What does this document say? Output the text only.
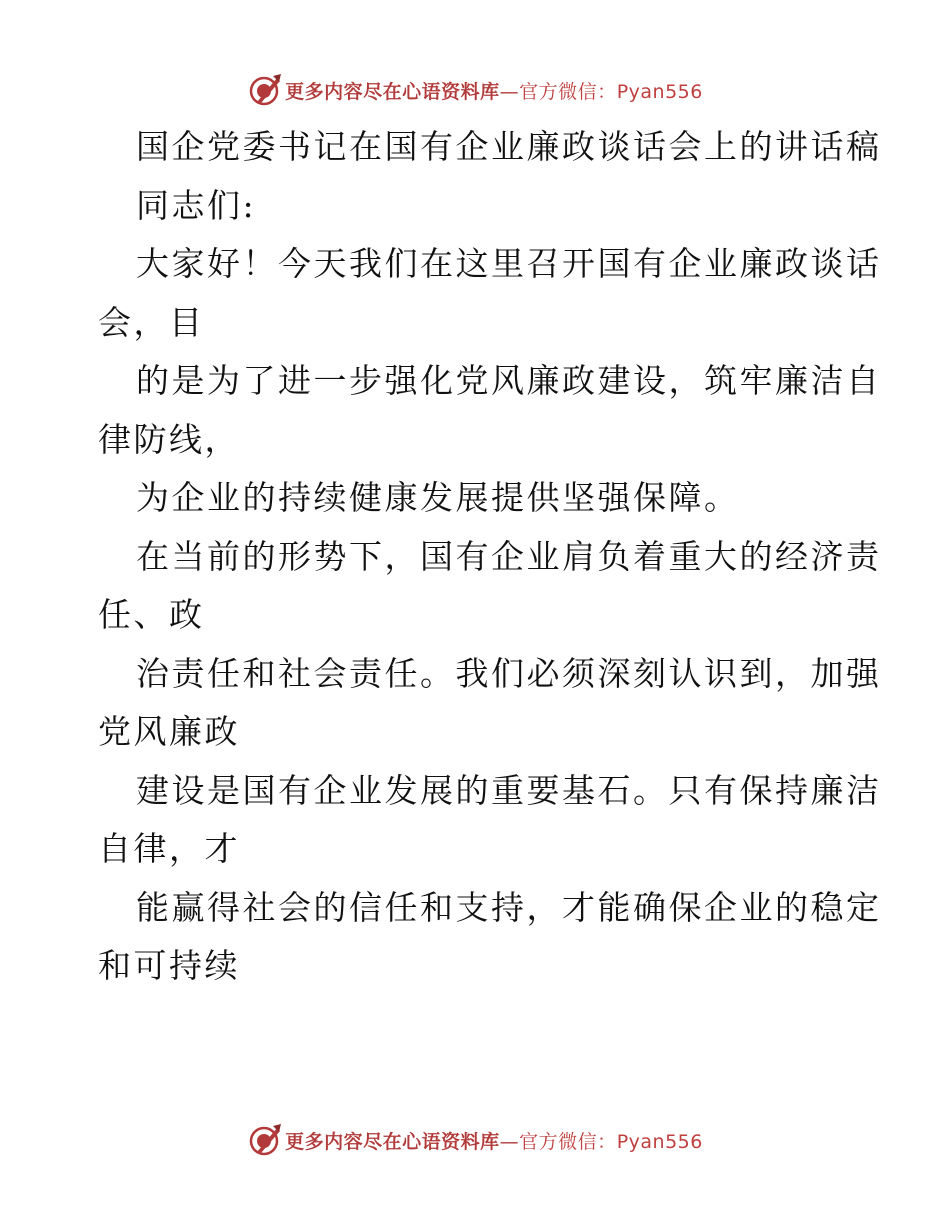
更多内容尽在心语资料库—官方微信：Pyan556
国企党委书记在国有企业廉政谈话会上的讲话稿
同志们:
大家好！今天我们在这里召开国有企业廉政谈话
会，目
的是为了进一步强化党风廉政建设，筑牢廉洁自
律防线，
为企业的持续健康发展提供坚强保障。
在当前的形势下，国有企业肩负着重大的经济责
任、政
治责任和社会责任。我们必须深刻认识到，加强
党风廉政
建设是国有企业发展的重要基石。只有保持廉洁
自律，才
能赢得社会的信任和支持，才能确保企业的稳定
和可持续
更多内容尽在心语资料库—官方微信：Pyan556
